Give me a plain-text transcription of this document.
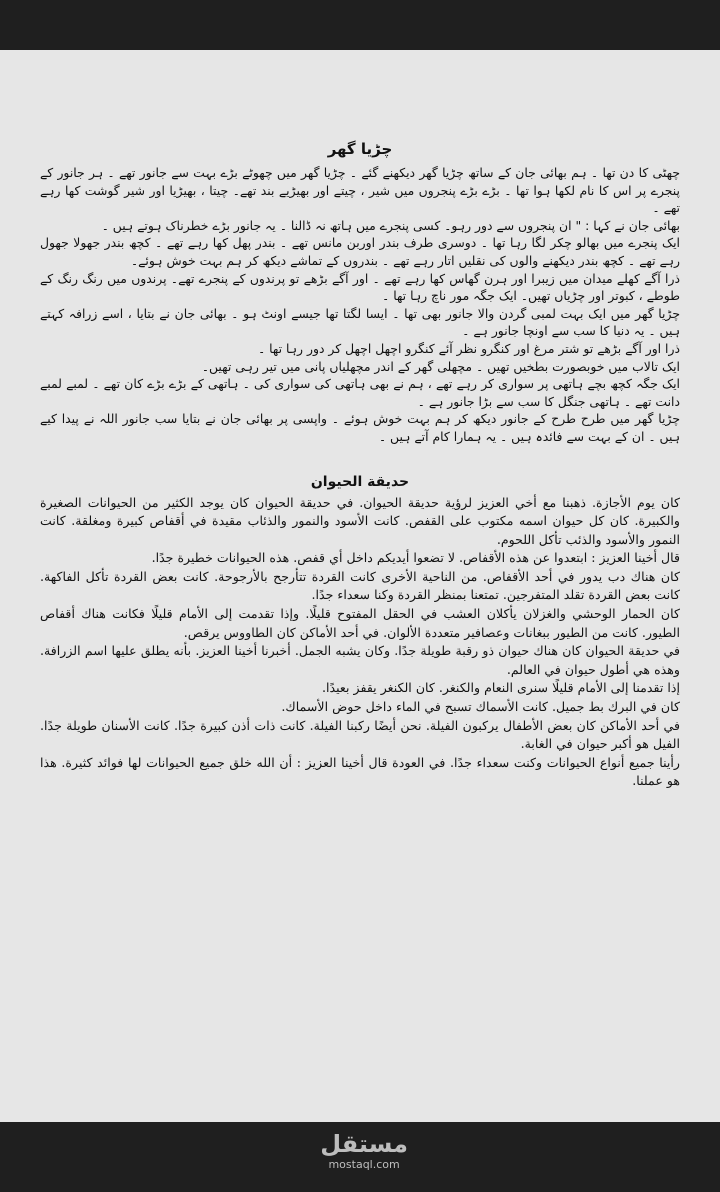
چڑیا گھر

چھٹی کا دن تھا ۔ ہم بھائی جان کے ساتھ چڑیا گھر دیکھنے گئے ۔ چڑیا گھر میں چھوٹے بڑے بہت سے جانور تھے ۔ ہر جانور کے پنجرے پر اس کا نام لکھا ہوا تھا ۔ بڑے بڑے پنجروں میں شیر ، چیتے اور بھیڑیے بند تھے۔ چیتا ، بھیڑیا اور شیر گوشت کھا رہے تھے ۔

بھائی جان نے کہا : " ان پنجروں سے دور رہو۔ کسی پنجرے میں ہاتھ نہ ڈالنا ۔ یہ جانور بڑے خطرناک ہوتے ہیں ۔

ایک پنجرے میں بھالو چکر لگا رہا تھا ۔ دوسری طرف بندر اوربن مانس تھے ۔ بندر پھل کھا رہے تھے ۔ کچھ بندر جھولا جھول رہے تھے ۔ کچھ بندر دیکھنے والوں کی نقلیں اتار رہے تھے ۔ بندروں کے تماشے دیکھ کر ہم بہت خوش ہوئے۔

ذرا آگے کھلے میدان میں زیبرا اور ہرن گھاس کھا رہے تھے ۔ اور آگے بڑھے تو پرندوں کے پنجرے تھے۔ پرندوں میں رنگ رنگ کے طوطے ، کبوتر اور چڑیاں تھیں۔ ایک جگہ مور ناچ رہا تھا ۔

چڑیا گھر میں ایک بہت لمبی گردن والا جانور بھی تھا ۔ ایسا لگتا تھا جیسے اونٹ ہو ۔ بھائی جان نے بتایا ، اسے زرافہ کہتے ہیں ۔ یہ دنیا کا سب سے اونچا جانور ہے ۔

ذرا اور آگے بڑھے تو شتر مرغ اور کنگرو نظر آئے کنگرو اچھل اچھل کر دور رہا تھا ۔

ایک تالاب میں خوبصورت بطخیں تھیں ۔ مچھلی گھر کے اندر مچھلیاں پانی میں تیر رہی تھیں۔

ایک جگہ کچھ بچے ہاتھی پر سواری کر رہے تھے ، ہم نے بھی ہاتھی کی سواری کی ۔ ہاتھی کے بڑے بڑے کان تھے ۔ لمبے لمبے دانت تھے ۔ ہاتھی جنگل کا سب سے بڑا جانور ہے ۔

چڑیا گھر میں طرح طرح کے جانور دیکھ کر ہم بہت خوش ہوئے ۔ واپسی پر بھائی جان نے بتایا سب جانور اللہ نے پیدا کیے ہیں ۔ ان کے بہت سے فائدہ ہیں ۔ یہ ہمارا کام آتے ہیں ۔

حديقة الحيوان

كان يوم الأجازة. ذهبنا مع أخي العزيز لرؤية حديقة الحيوان. في حديقة الحيوان كان يوجد الكثير من الحيوانات الصغيرة والكبيرة. كان كل حيوان اسمه مكتوب على القفص. كانت الأسود والنمور والذئاب مقيدة في أقفاص كبيرة ومغلقة. كانت النمور والأسود والذئب تأكل اللحوم.

قال أخينا العزيز : ابتعدوا عن هذه الأقفاص. لا تضعوا أيديكم داخل أي قفص. هذه الحيوانات خطيرة جدًا.

كان هناك دب يدور في أحد الأقفاص. من الناحية الأخرى كانت القردة تتأرجح بالأرجوحة. كانت بعض القردة تأكل الفاكهة. كانت بعض القردة تقلد المتفرجين. تمتعنا بمنظر القردة وكنا سعداء جدًا.

كان الحمار الوحشي والغزلان يأكلان العشب في الحقل المفتوح قليلًا. وإذا تقدمت إلى الأمام قليلًا فكانت هناك أقفاص الطيور. كانت من الطيور ببغانات وعصافير متعددة الألوان. في أحد الأماكن كان الطاووس يرقص.

في حديقة الحيوان كان هناك حيوان ذو رقبة طويلة جدًا. وكان يشبه الجمل. أخبرنا أخينا العزيز. بأنه يطلق عليها اسم الزرافة. وهذه هي أطول حيوان في العالم.

إذا تقدمنا إلى الأمام قليلًا سنرى النعام والكنغر. كان الكنغر يقفز بعيدًا.

كان في البرك بط جميل. كانت الأسماك تسبح في الماء داخل حوض الأسماك.

في أحد الأماكن كان بعض الأطفال يركبون الفيلة. نحن أيضًا ركبنا الفيلة. كانت ذات أذن كبيرة جدًا. كانت الأسنان طويلة جدًا. الفيل هو أكبر حيوان في الغابة.

رأينا جميع أنواع الحيوانات وكنت سعداء جدًا. في العودة قال أخينا العزيز : أن الله خلق جميع الحيوانات لها فوائد كثيرة. هذا هو عملنا.

مستقل
mostaql.com
